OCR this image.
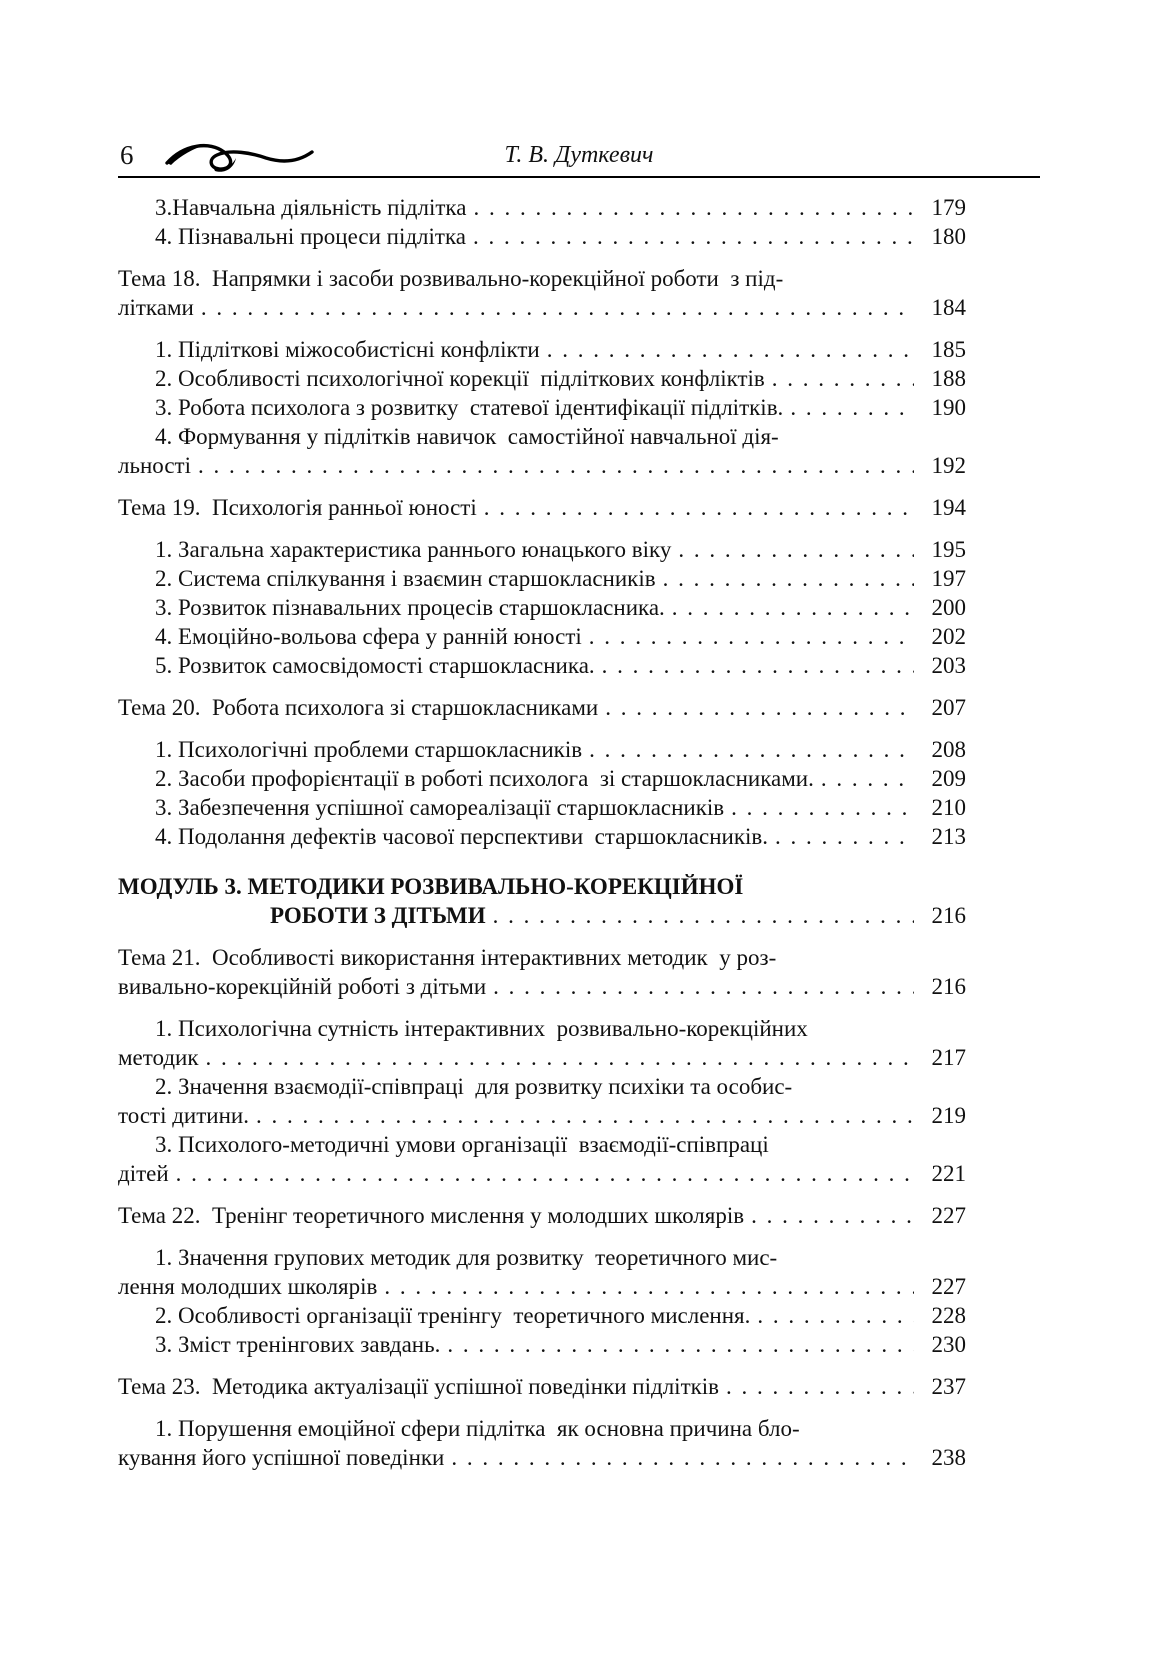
6	Т. В. Дуткевич
3.Навчальна діяльність підлітка . . .	179
4. Пізнавальні процеси підлітка . . .	180
Тема 18.  Напрямки і засоби розвивально-корекційної роботи  з під-
літками . . .	184
1. Підліткові міжособистісні конфлікти . . .	185
2. Особливості психологічної корекції  підліткових конфліктів . . .	188
3. Робота психолога з розвитку  статевої ідентифікації підлітків. . . .	190
4. Формування у підлітків навичок  самостійної навчальної дія-
льності . . .	192
Тема 19.  Психологія ранньої юності . . .	194
1. Загальна характеристика раннього юнацького віку . . .	195
2. Система спілкування і взаємин старшокласників . . .	197
3. Розвиток пізнавальних процесів старшокласника. . . .	200
4. Емоційно-вольова сфера у ранній юності . . .	202
5. Розвиток самосвідомості старшокласника. . . .	203
Тема 20.  Робота психолога зі старшокласниками . . .	207
1. Психологічні проблеми старшокласників . . .	208
2. Засоби профорієнтації в роботі психолога  зі старшокласниками. . . .	209
3. Забезпечення успішної самореалізації старшокласників . . .	210
4. Подолання дефектів часової перспективи  старшокласників. . . .	213
МОДУЛЬ 3. МЕТОДИКИ РОЗВИВАЛЬНО-КОРЕКЦІЙНОЇ
РОБОТИ З ДІТЬМИ . . .	216
Тема 21.  Особливості використання інтерактивних методик  у роз-
вивально-корекційній роботі з дітьми . . .	216
1. Психологічна сутність інтерактивних  розвивально-корекційних
методик . . .	217
2. Значення взаємодії-співпраці  для розвитку психіки та особис-
тості дитини. . . .	219
3. Психолого-методичні умови організації  взаємодії-співпраці
дітей . . .	221
Тема 22.  Тренінг теоретичного мислення у молодших школярів . . .	227
1. Значення групових методик для розвитку  теоретичного мис-
лення молодших школярів . . .	227
2. Особливості організації тренінгу  теоретичного мислення. . . .	228
3. Зміст тренінгових завдань. . . .	230
Тема 23.  Методика актуалізації успішної поведінки підлітків . . .	237
1. Порушення емоційної сфери підлітка  як основна причина бло-
кування його успішної поведінки . . .	238
